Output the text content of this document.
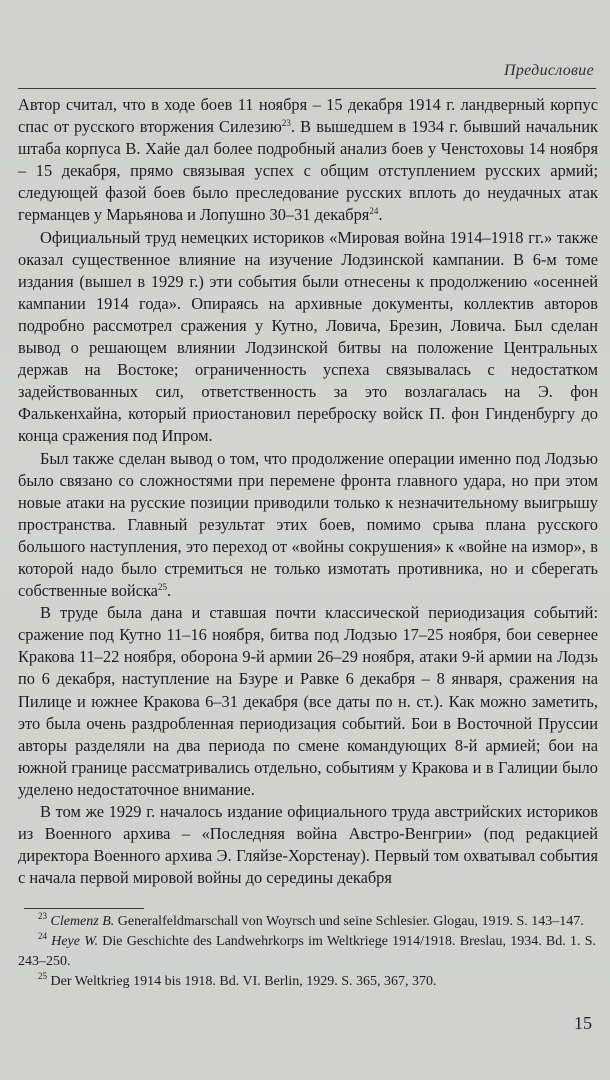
Предисловие

Автор считал, что в ходе боев 11 ноября – 15 декабря 1914 г. ландверный корпус спас от русского вторжения Силезию$^{23}$. В вышедшем в 1934 г. бывший начальник штаба корпуса В. Хайе дал более подробный анализ боев у Ченстоховы 14 ноября – 15 декабря, прямо связывая успех с общим отступлением русских армий; следующей фазой боев было преследование русских вплоть до неудачных атак германцев у Марьянова и Лопушно 30–31 декабря$^{24}$.

Официальный труд немецких историков «Мировая война 1914–1918 гг.» также оказал существенное влияние на изучение Лодзинской кампании. В 6-м томе издания (вышел в 1929 г.) эти события были отнесены к продолжению «осенней кампании 1914 года». Опираясь на архивные документы, коллектив авторов подробно рассмотрел сражения у Кутно, Ловича, Брезин, Ловича. Был сделан вывод о решающем влиянии Лодзинской битвы на положение Центральных держав на Востоке; ограниченность успеха связывалась с недостатком задействованных сил, ответственность за это возлагалась на Э. фон Фалькенхайна, который приостановил переброску войск П. фон Гинденбургу до конца сражения под Ипром.

Был также сделан вывод о том, что продолжение операции именно под Лодзью было связано со сложностями при перемене фронта главного удара, но при этом новые атаки на русские позиции приводили только к незначительному выигрышу пространства. Главный результат этих боев, помимо срыва плана русского большого наступления, это переход от «войны сокрушения» к «войне на измор», в которой надо было стремиться не только измотать противника, но и сберегать собственные войска$^{25}$.

В труде была дана и ставшая почти классической периодизация событий: сражение под Кутно 11–16 ноября, битва под Лодзью 17–25 ноября, бои севернее Кракова 11–22 ноября, оборона 9-й армии 26–29 ноября, атаки 9-й армии на Лодзь по 6 декабря, наступление на Бзуре и Равке 6 декабря – 8 января, сражения на Пилице и южнее Кракова 6–31 декабря (все даты по н. ст.). Как можно заметить, это была очень раздробленная периодизация событий. Бои в Восточной Пруссии авторы разделяли на два периода по смене командующих 8-й армией; бои на южной границе рассматривались отдельно, событиям у Кракова и в Галиции было уделено недостаточное внимание.

В том же 1929 г. началось издание официального труда австрийских историков из Военного архива – «Последняя война Австро-Венгрии» (под редакцией директора Военного архива Э. Гляйзе-Хорстенау). Первый том охватывал события с начала первой мировой войны до середины декабря

$^{23}$ Clemenz B. Generalfeldmarschall von Woyrsch und seine Schlesier. Glogau, 1919. S. 143–147.

$^{24}$ Heye W. Die Geschichte des Landwehrkorps im Weltkriege 1914/1918. Breslau, 1934. Bd. 1. S. 243–250.

$^{25}$ Der Weltkrieg 1914 bis 1918. Bd. VI. Berlin, 1929. S. 365, 367, 370.

15
